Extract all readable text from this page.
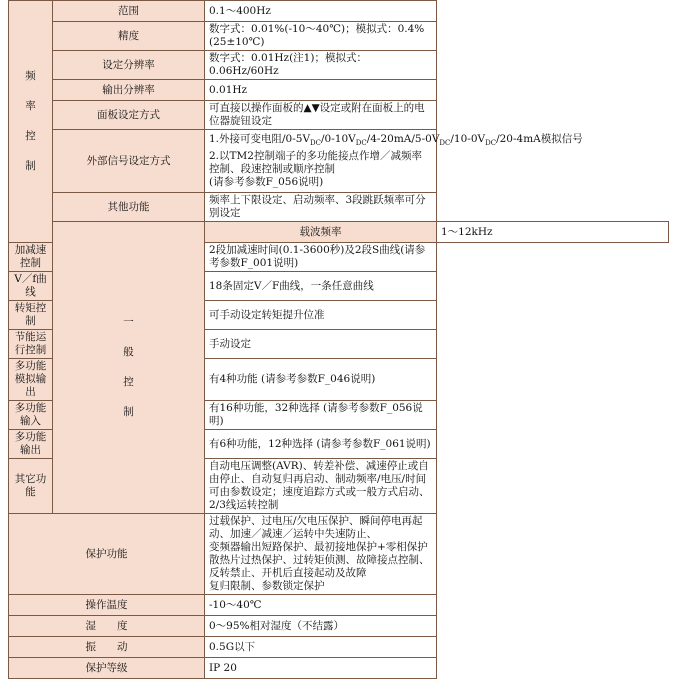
频
率
控
制	范围	0.1～400Hz	
	精度	数字式：0.01%(-10～40℃)；模拟式：0.4% (25±10℃)	
	设定分辨率	数字式：0.01Hz(注1)；模拟式：0.06Hz/60Hz	
	输出分辨率	0.01Hz	
	面板设定方式	可直接以操作面板的▲▼设定或附在面板上的电位器旋钮设定	
	外部信号设定方式	1.外接可变电阻$/0-5V_{DC}/0-10V_{DC}/4-20mA/5-0V_{DC}/10-0V_{DC}/20-4mA$模拟信号
2.以TM2控制端子的多功能接点作增／减频率控制、段速控制或顺序控制
(请参考参数F_056说明)	

	其他功能	频率上下限设定、启动频率、3段跳跃频率可分别设定	

	一
般
控
制	载波频率	1～12kHz
加减速控制		2段加减速时间(0.1-3600秒)及2段S曲线(请参考参数F_001说明)	
V／f曲线		18条固定V／F曲线，一条任意曲线	
转矩控制		可手动设定转矩提升位准	
节能运行控制		手动设定	
多功能模拟输出		有4种功能 (请参考参数F_046说明)	
多功能输入		有16种功能，32种选择 (请参考参数F_056说明)	
多功能输出		有6种功能，12种选择 (请参考参数F_061说明)	
其它功能		自动电压调整(AVR)、转差补偿、减速停止或自由停止、自动复归再启动、制动频率/电压/时间可由参数设定；速度追踪方式或一般方式启动、2/3线运转控制	
保护功能		过载保护、过电压/欠电压保护、瞬间停电再起动、加速／减速／运转中失速防止、
变频器输出短路保护、最初接地保护+零相保护
散热片过热保护、过转矩侦测、故障接点控制、反转禁止、开机后直接起动及故障
复归限制、参数锁定保护	

操作温度		-10～40℃	
湿　　度		0～95%相对湿度（不结露）	
振　　动		0.5G以下	
保护等级		IP 20	
